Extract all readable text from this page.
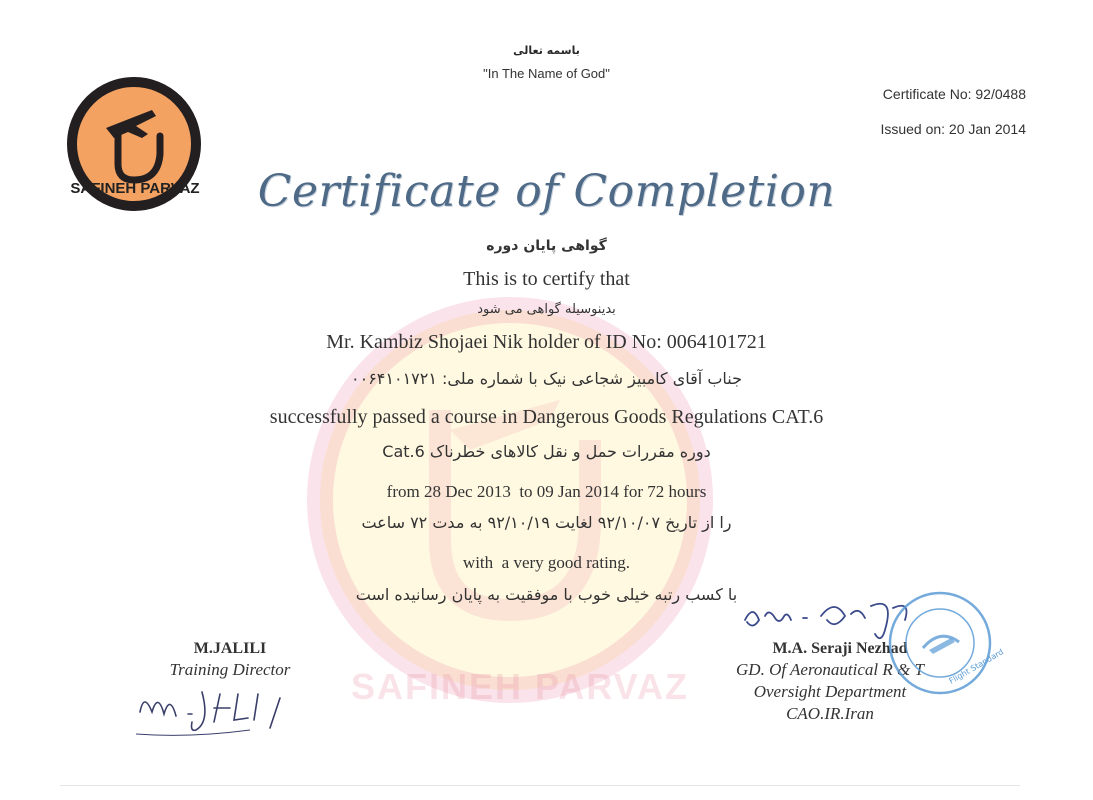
SAFINEH PARVAZ
SAFINEH PARVAZ
باسمه تعالی
"In The Name of God"
Certificate No: 92/0488
Issued on: 20 Jan 2014
Certificate of Completion
گواهی پایان دوره
This is to certify that
بدینوسیله گواهی می شود
Mr. Kambiz Shojaei Nik holder of ID No: 0064101721
جناب آقای کامبیز شجاعی نیک با شماره ملی: ۰۰۶۴۱۰۱۷۲۱
successfully passed a course in Dangerous Goods Regulations CAT.6
دوره مقررات حمل و نقل کالاهای خطرناک Cat.6
from 28 Dec 2013  to 09 Jan 2014 for 72 hours
را از تاریخ ۹۲/۱۰/۰۷ لغایت ۹۲/۱۰/۱۹ به مدت ۷۲ ساعت
with  a very good rating.
با کسب رتبه خیلی خوب با موفقیت به پایان رسانیده است
M.JALILI
Training Director
M.A. Seraji Nezhad
GD. Of Aeronautical R & T
Oversight Department
CAO.IR.Iran
Flight Standard
